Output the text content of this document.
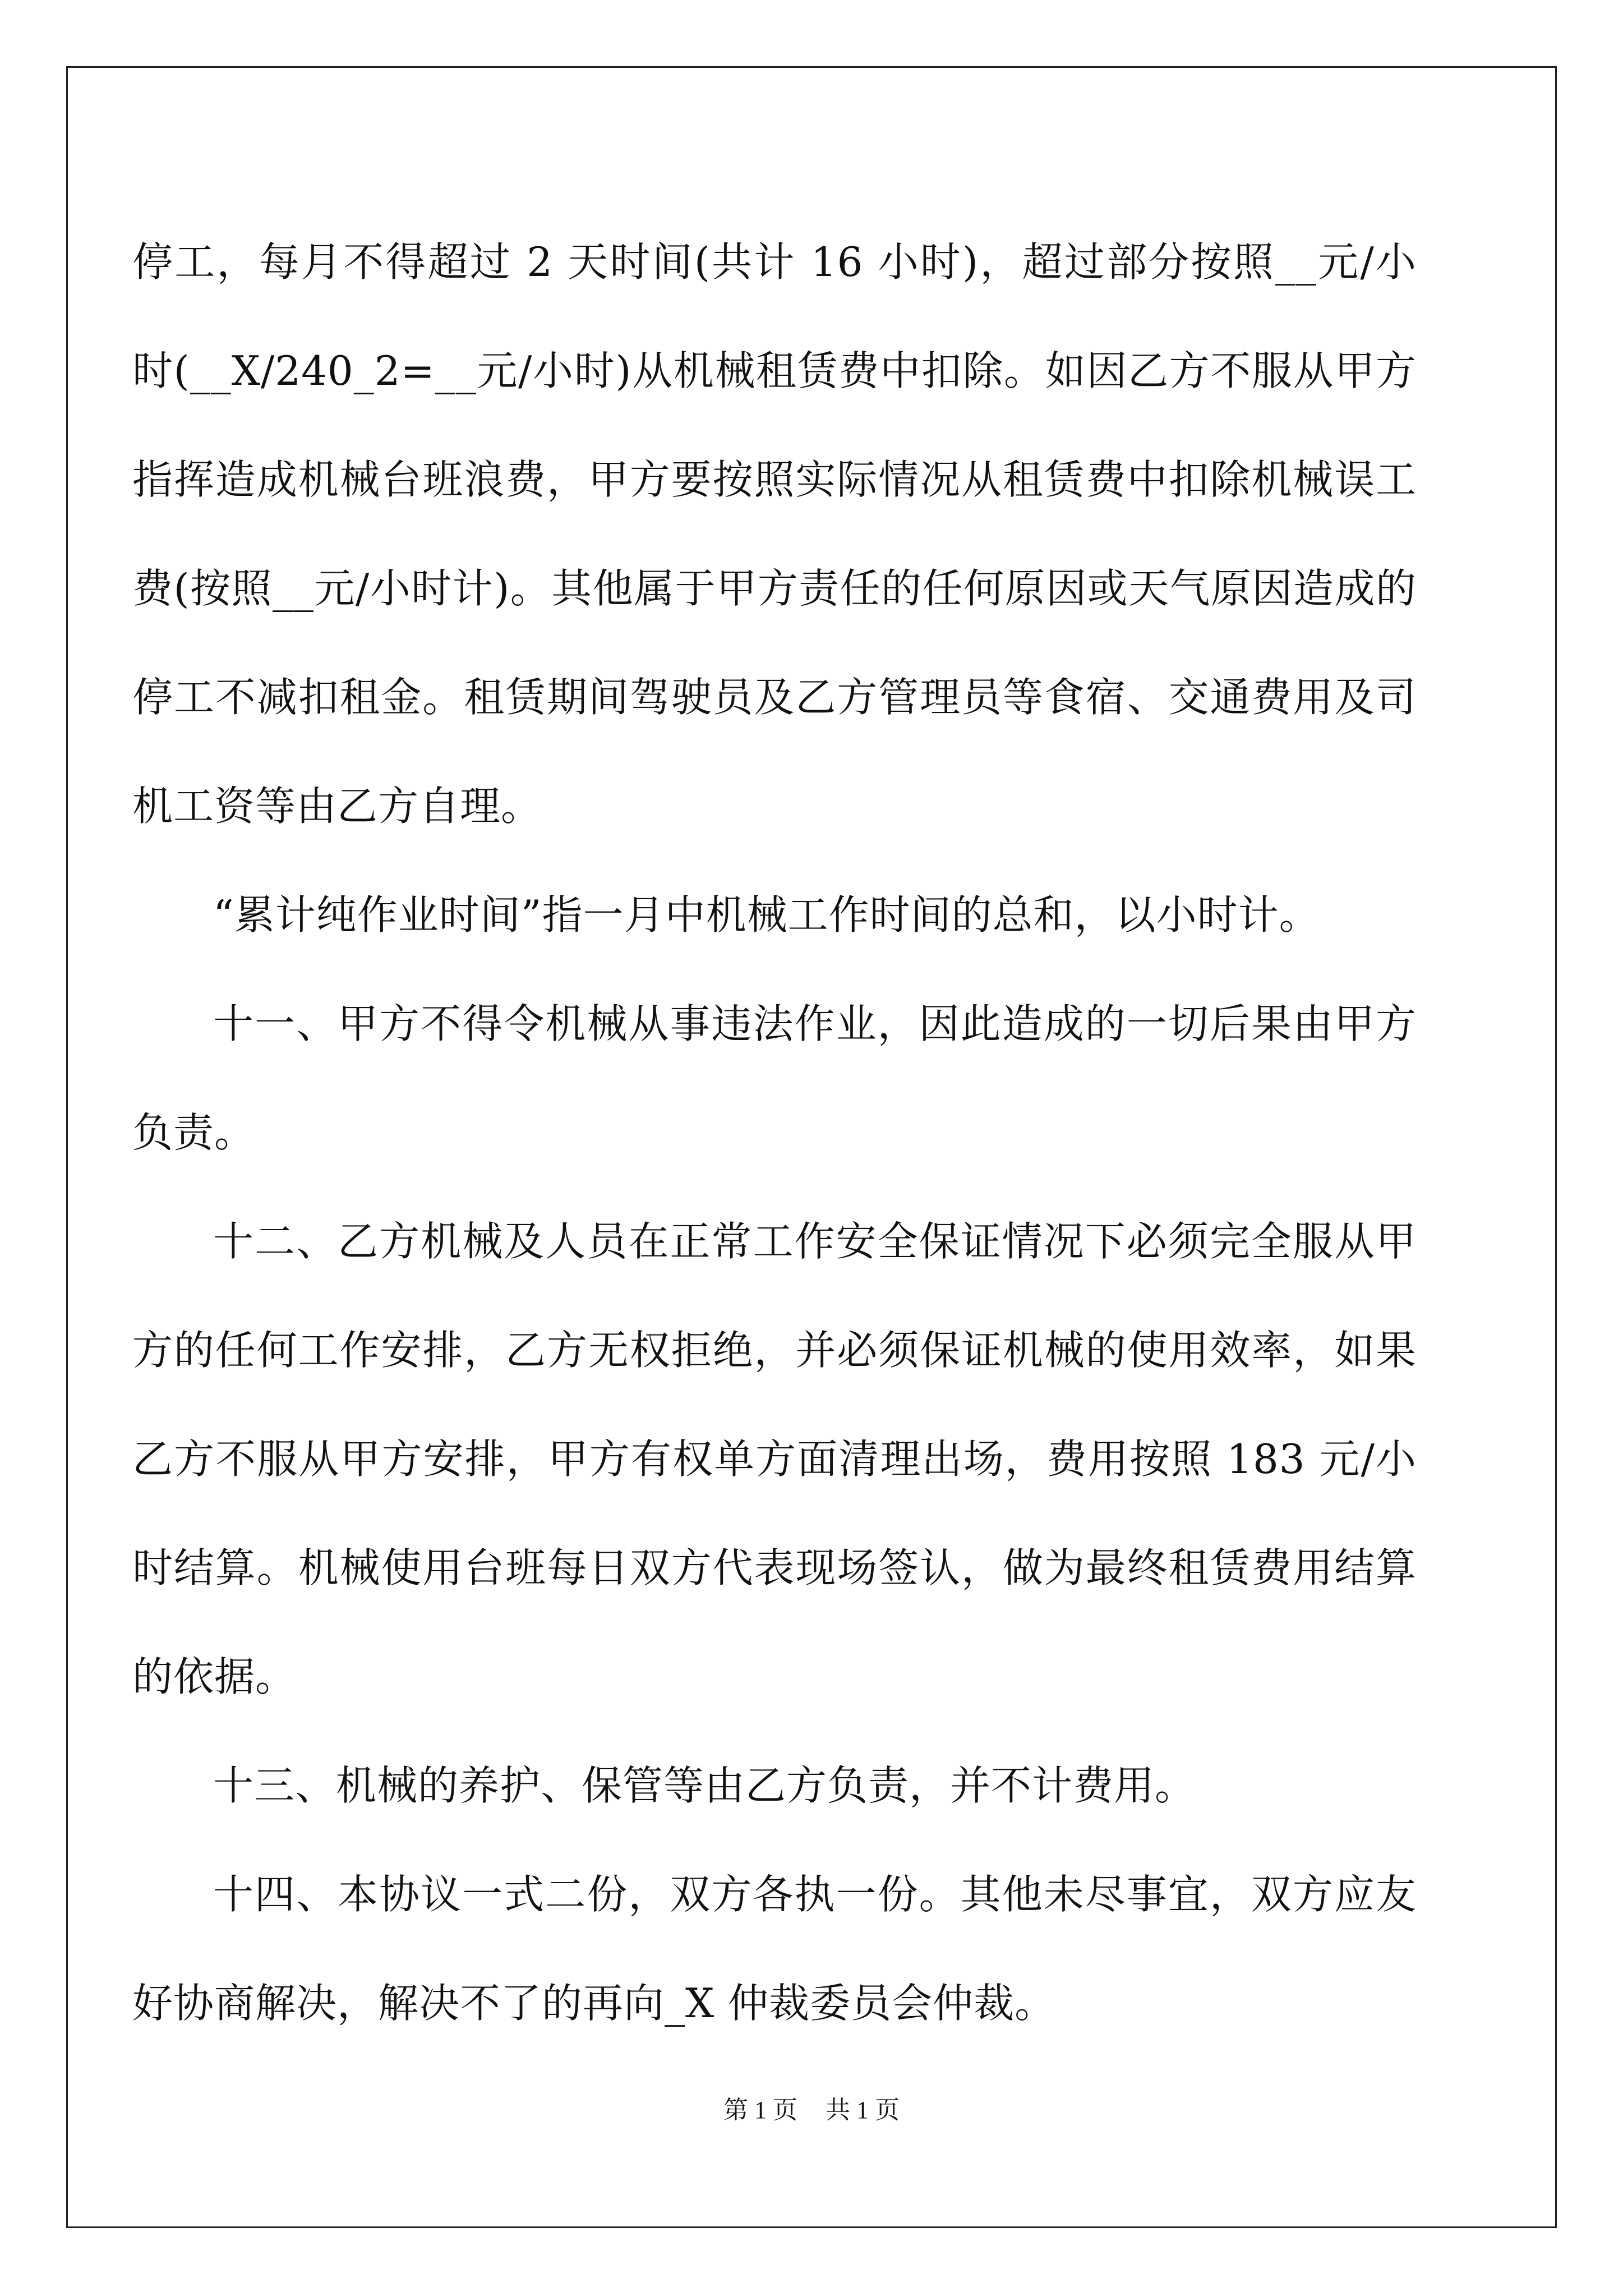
停工，每月不得超过 2 天时间(共计 16 小时)，超过部分按照__元/小时(__X/240_2=__元/小时)从机械租赁费中扣除。如因乙方不服从甲方指挥造成机械台班浪费，甲方要按照实际情况从租赁费中扣除机械误工费(按照__元/小时计)。其他属于甲方责任的任何原因或天气原因造成的停工不减扣租金。租赁期间驾驶员及乙方管理员等食宿、交通费用及司机工资等由乙方自理。

“累计纯作业时间”指一月中机械工作时间的总和，以小时计。

十一、甲方不得令机械从事违法作业，因此造成的一切后果由甲方负责。

十二、乙方机械及人员在正常工作安全保证情况下必须完全服从甲方的任何工作安排，乙方无权拒绝，并必须保证机械的使用效率，如果乙方不服从甲方安排，甲方有权单方面清理出场，费用按照 183 元/小时结算。机械使用台班每日双方代表现场签认，做为最终租赁费用结算的依据。

十三、机械的养护、保管等由乙方负责，并不计费用。

十四、本协议一式二份，双方各执一份。其他未尽事宜，双方应友好协商解决，解决不了的再向_X 仲裁委员会仲裁。

第 1 页 共 1 页
